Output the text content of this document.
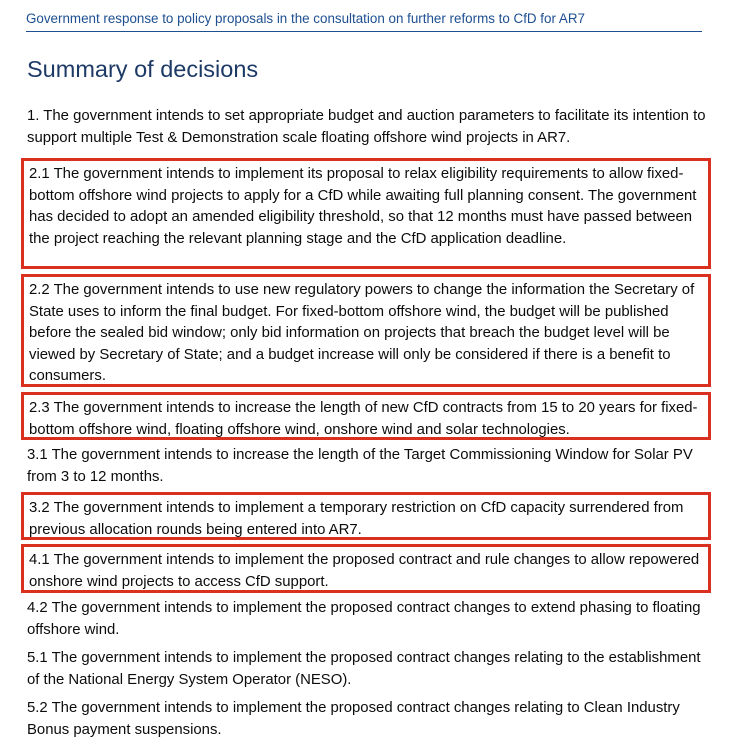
Government response to policy proposals in the consultation on further reforms to CfD for AR7
Summary of decisions

1. The government intends to set appropriate budget and auction parameters to facilitate its intention to support multiple Test & Demonstration scale floating offshore wind projects in AR7.

2.1 The government intends to implement its proposal to relax eligibility requirements to allow fixed-bottom offshore wind projects to apply for a CfD while awaiting full planning consent. The government has decided to adopt an amended eligibility threshold, so that 12 months must have passed between the project reaching the relevant planning stage and the CfD application deadline.

2.2 The government intends to use new regulatory powers to change the information the Secretary of State uses to inform the final budget. For fixed-bottom offshore wind, the budget will be published before the sealed bid window; only bid information on projects that breach the budget level will be viewed by Secretary of State; and a budget increase will only be considered if there is a benefit to consumers.

2.3 The government intends to increase the length of new CfD contracts from 15 to 20 years for fixed-bottom offshore wind, floating offshore wind, onshore wind and solar technologies.

3.1 The government intends to increase the length of the Target Commissioning Window for Solar PV from 3 to 12 months.

3.2 The government intends to implement a temporary restriction on CfD capacity surrendered from previous allocation rounds being entered into AR7.

4.1 The government intends to implement the proposed contract and rule changes to allow repowered onshore wind projects to access CfD support.

4.2 The government intends to implement the proposed contract changes to extend phasing to floating offshore wind.

5.1 The government intends to implement the proposed contract changes relating to the establishment of the National Energy System Operator (NESO).

5.2 The government intends to implement the proposed contract changes relating to Clean Industry Bonus payment suspensions.
